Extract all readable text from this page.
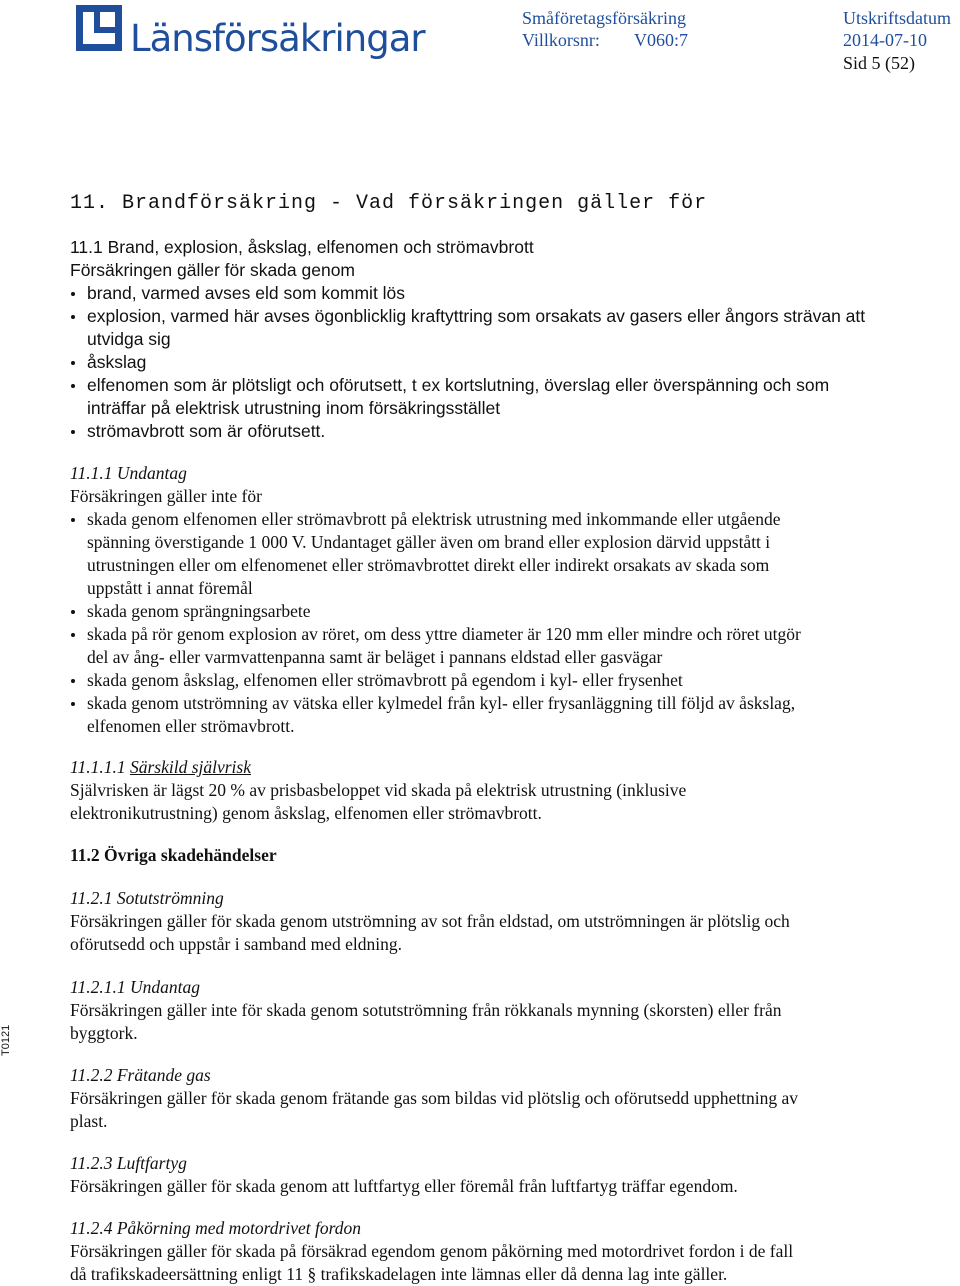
Länsförsäkringar	Småföretagsförsäkring
Villkorsnr: V060:7
Utskriftsdatum
2014-07-10
Sid 5 (52)
T0121
11. Brandförsäkring - Vad försäkringen gäller för
11.1 Brand, explosion, åskslag, elfenomen och strömavbrott
Försäkringen gäller för skada genom
brand, varmed avses eld som kommit lös
explosion, varmed här avses ögonblicklig kraftyttring som orsakats av gasers eller ångors strävan att
utvidga sig
åskslag
elfenomen som är plötsligt och oförutsett, t ex kortslutning, överslag eller överspänning och som
inträffar på elektrisk utrustning inom försäkringsstället
strömavbrott som är oförutsett.
11.1.1 Undantag
Försäkringen gäller inte för
skada genom elfenomen eller strömavbrott på elektrisk utrustning med inkommande eller utgående
spänning överstigande 1 000 V. Undantaget gäller även om brand eller explosion därvid uppstått i
utrustningen eller om elfenomenet eller strömavbrottet direkt eller indirekt orsakats av skada som
uppstått i annat föremål
skada genom sprängningsarbete
skada på rör genom explosion av röret, om dess yttre diameter är 120 mm eller mindre och röret utgör
del av ång- eller varmvattenpanna samt är beläget i pannans eldstad eller gasvägar
skada genom åskslag, elfenomen eller strömavbrott på egendom i kyl- eller frysenhet
skada genom utströmning av vätska eller kylmedel från kyl- eller frysanläggning till följd av åskslag,
elfenomen eller strömavbrott.
11.1.1.1 Särskild självrisk
Självrisken är lägst 20 % av prisbasbeloppet vid skada på elektrisk utrustning (inklusive
elektronikutrustning) genom åskslag, elfenomen eller strömavbrott.
11.2 Övriga skadehändelser
11.2.1 Sotutströmning
Försäkringen gäller för skada genom utströmning av sot från eldstad, om utströmningen är plötslig och
oförutsedd och uppstår i samband med eldning.
11.2.1.1 Undantag
Försäkringen gäller inte för skada genom sotutströmning från rökkanals mynning (skorsten) eller från
byggtork.
11.2.2 Frätande gas
Försäkringen gäller för skada genom frätande gas som bildas vid plötslig och oförutsedd upphettning av
plast.
11.2.3 Luftfartyg
Försäkringen gäller för skada genom att luftfartyg eller föremål från luftfartyg träffar egendom.
11.2.4 Påkörning med motordrivet fordon
Försäkringen gäller för skada på försäkrad egendom genom påkörning med motordrivet fordon i de fall
då trafikskadeersättning enligt 11 § trafikskadelagen inte lämnas eller då denna lag inte gäller.
